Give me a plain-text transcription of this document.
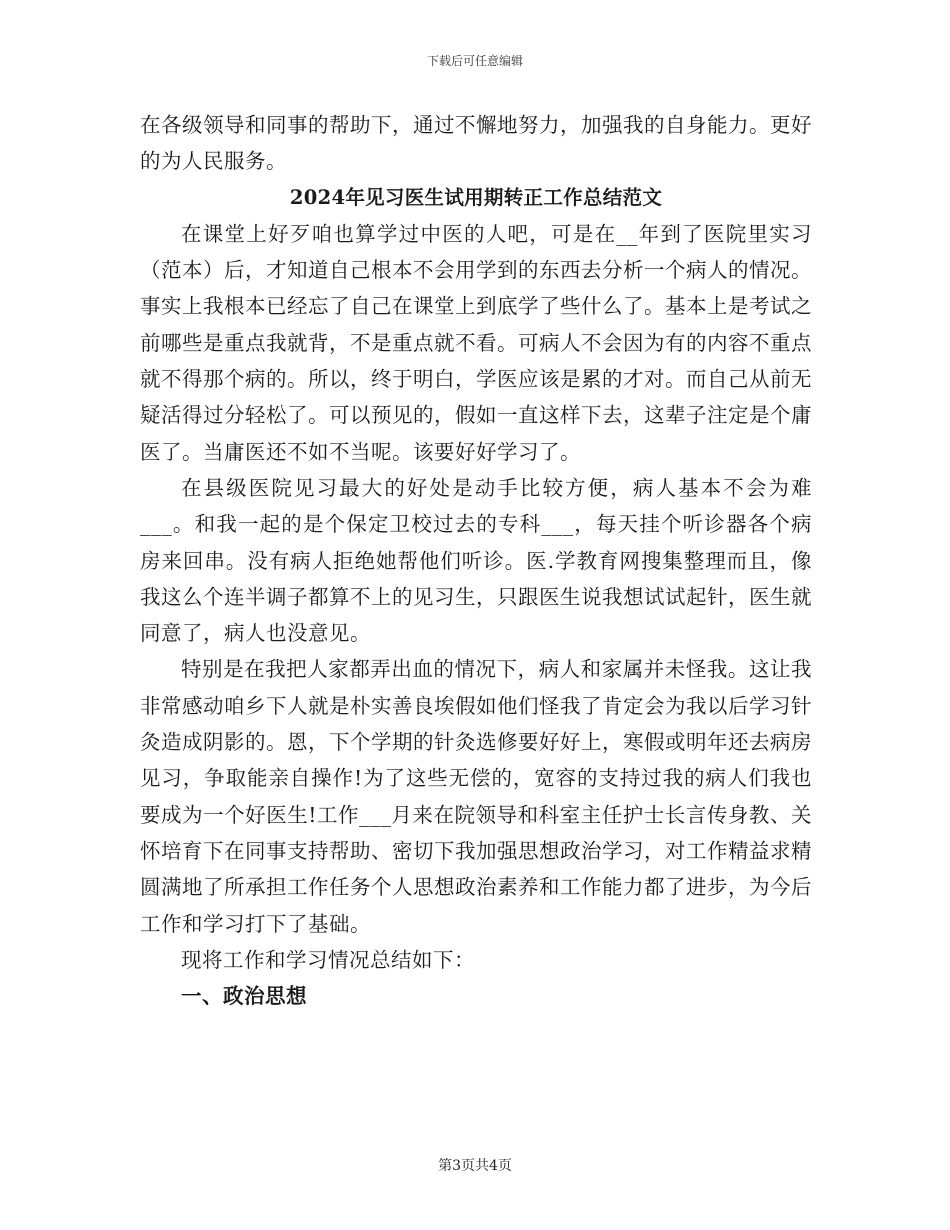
下载后可任意编辑

在各级领导和同事的帮助下，通过不懈地努力，加强我的自身能力。更好的为人民服务。

2024年见习医生试用期转正工作总结范文

在课堂上好歹咱也算学过中医的人吧，可是在__年到了医院里实习（范本）后，才知道自己根本不会用学到的东西去分析一个病人的情况。事实上我根本已经忘了自己在课堂上到底学了些什么了。基本上是考试之前哪些是重点我就背，不是重点就不看。可病人不会因为有的内容不重点就不得那个病的。所以，终于明白，学医应该是累的才对。而自己从前无疑活得过分轻松了。可以预见的，假如一直这样下去，这辈子注定是个庸医了。当庸医还不如不当呢。该要好好学习了。

在县级医院见习最大的好处是动手比较方便，病人基本不会为难___。和我一起的是个保定卫校过去的专科___，每天挂个听诊器各个病房来回串。没有病人拒绝她帮他们听诊。医.学教育网搜集整理而且，像我这么个连半调子都算不上的见习生，只跟医生说我想试试起针，医生就同意了，病人也没意见。

特别是在我把人家都弄出血的情况下，病人和家属并未怪我。这让我非常感动咱乡下人就是朴实善良埃假如他们怪我了肯定会为我以后学习针灸造成阴影的。恩，下个学期的针灸选修要好好上，寒假或明年还去病房见习，争取能亲自操作!为了这些无偿的，宽容的支持过我的病人们我也要成为一个好医生!工作___月来在院领导和科室主任护士长言传身教、关怀培育下在同事支持帮助、密切下我加强思想政治学习，对工作精益求精圆满地了所承担工作任务个人思想政治素养和工作能力都了进步，为今后工作和学习打下了基础。

现将工作和学习情况总结如下：

一、政治思想

第3页共4页
